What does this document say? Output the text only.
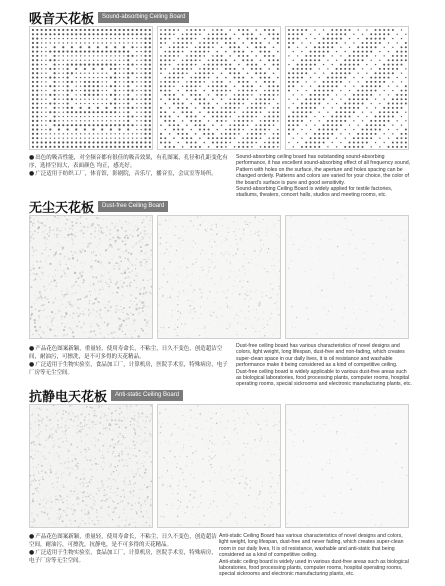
吸音天花板	Sound-absorbing Ceiling Board

●出色的吸音性能，对全频音都有很佳的吸音效果，有孔图案，孔径和孔距变化有序，选择空间大，表面颜色 均正，感光好。

●广泛适用于纺织工厂，体育馆，影剧院，音乐厅，播音室，会议室等场所。

Sound-absorbing ceiling board has outstanding sound-absorbing performance, it has excellent sound-absorbing effect of all frequency sound, Pattern with holes on the surface, the aperture and holes spacing can be changed orderly. Patterns and colors are varied for your choice, the color of the board's surface is pure and good sensitivity.

Sound-absorbing Ceiling Board is widely applied for textile factories, stadiums, theaters, concert halls, studios and meeting rooms, etc.

无尘天花板	Dust-free Ceiling Board

●产品花色图案新颖，重量轻，使用寿命长，不粘尘，日久不变色，创造超洁空间，耐油污，可擦洗，是不可多得的天花精品。

●广泛适用于生物实验室，食品加工厂，计算机房，医院手术室，特殊病房，电子厂房等无尘空间。

Dust-free ceiling board has various characteristics of novel designs and colors, light weight, long lifespan, dust-free and non-fading, which creates super-clean space in our daily lives, it is oil resistance and washable performance make it being considered as a kind of competitive ceiling.

Dust-free ceiling board is widely applicable to various dust-free areas such as biological laboratories, food processing plants, computer rooms, hospital operating rooms, special sickrooms and electronic manufacturing plants, etc.

抗静电天花板	Anti-static Ceiling Board

●产品花色图案新颖，重量轻，使用寿命长，不粘尘，日久不变色，创造超洁空间，耐油污，可擦洗，抗静电，是不可多得的天花精品。

●广泛适用于生物实验室，食品加工厂，计算机房，医院手术室，特殊病房，电子厂房等无尘空间。

Anti-static Ceiling Board has various characteristics of novel designs and colors, light weight, long lifespan, dust-free and never fading, which creates super-clean room in our daily lives, It is oil resistance, washable and anti-static that being considered as a kind of competitive ceiling.

Anti-static ceiling board is widely used in various dust-free areas such as biological laboratories, food processing plants, computer rooms, hospital operating rooms, special sickrooms and electronic manufacturing plants, etc.
